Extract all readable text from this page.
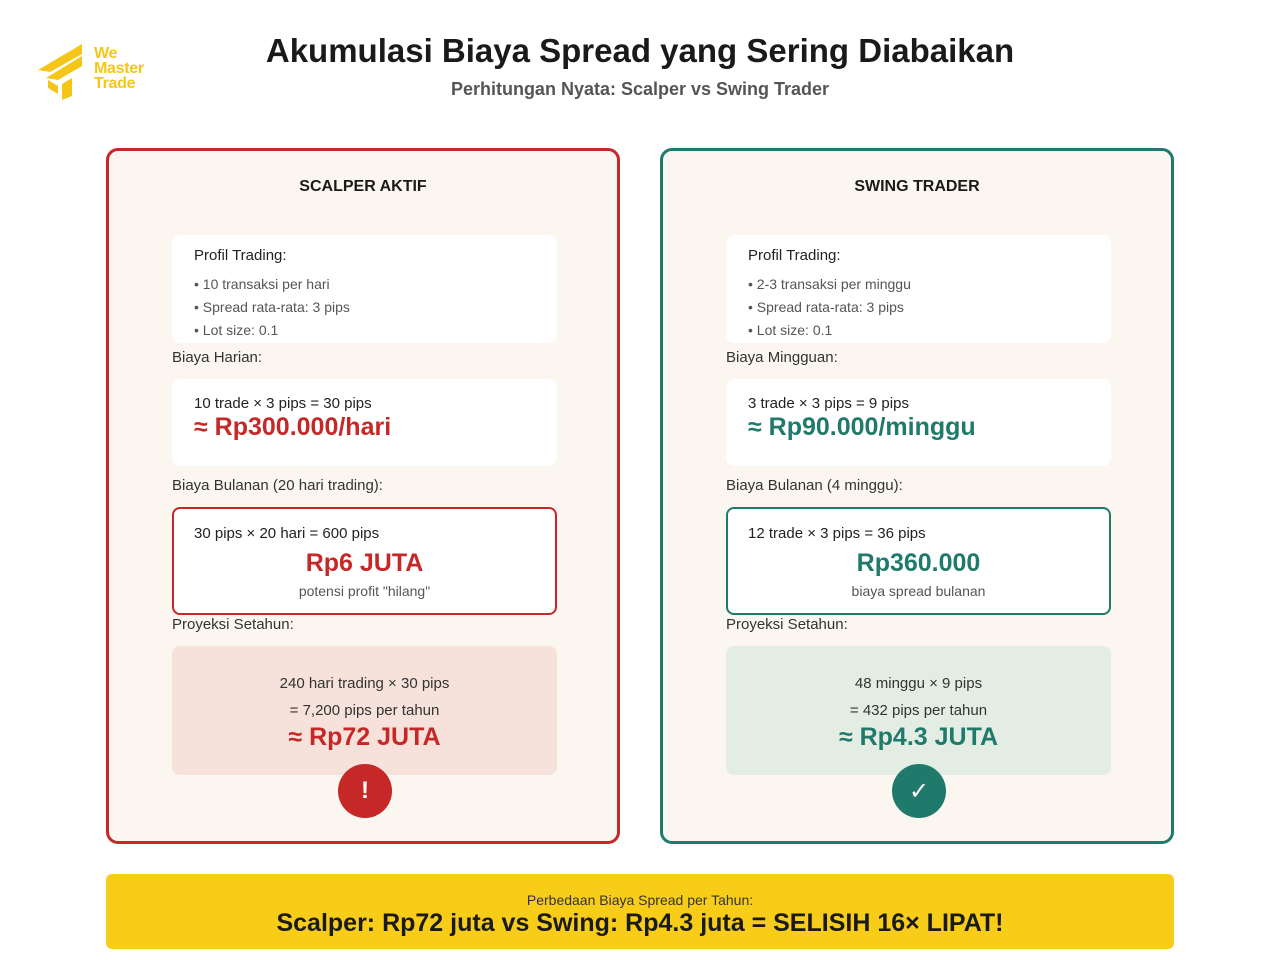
We
Master
Trade
Akumulasi Biaya Spread yang Sering Diabaikan
Perhitungan Nyata: Scalper vs Swing Trader
SCALPER AKTIF
Profil Trading:
• 10 transaksi per hari
• Spread rata-rata: 3 pips
• Lot size: 0.1
Biaya Harian:
10 trade × 3 pips = 30 pips
≈ Rp300.000/hari
Biaya Bulanan (20 hari trading):
30 pips × 20 hari = 600 pips
Rp6 JUTA
potensi profit "hilang"
Proyeksi Setahun:
240 hari trading × 30 pips
= 7,200 pips per tahun
≈ Rp72 JUTA
!
SWING TRADER
Profil Trading:
• 2-3 transaksi per minggu
• Spread rata-rata: 3 pips
• Lot size: 0.1
Biaya Mingguan:
3 trade × 3 pips = 9 pips
≈ Rp90.000/minggu
Biaya Bulanan (4 minggu):
12 trade × 3 pips = 36 pips
Rp360.000
biaya spread bulanan
Proyeksi Setahun:
48 minggu × 9 pips
= 432 pips per tahun
≈ Rp4.3 JUTA
✓
Perbedaan Biaya Spread per Tahun:
Scalper: Rp72 juta vs Swing: Rp4.3 juta = SELISIH 16× LIPAT!
